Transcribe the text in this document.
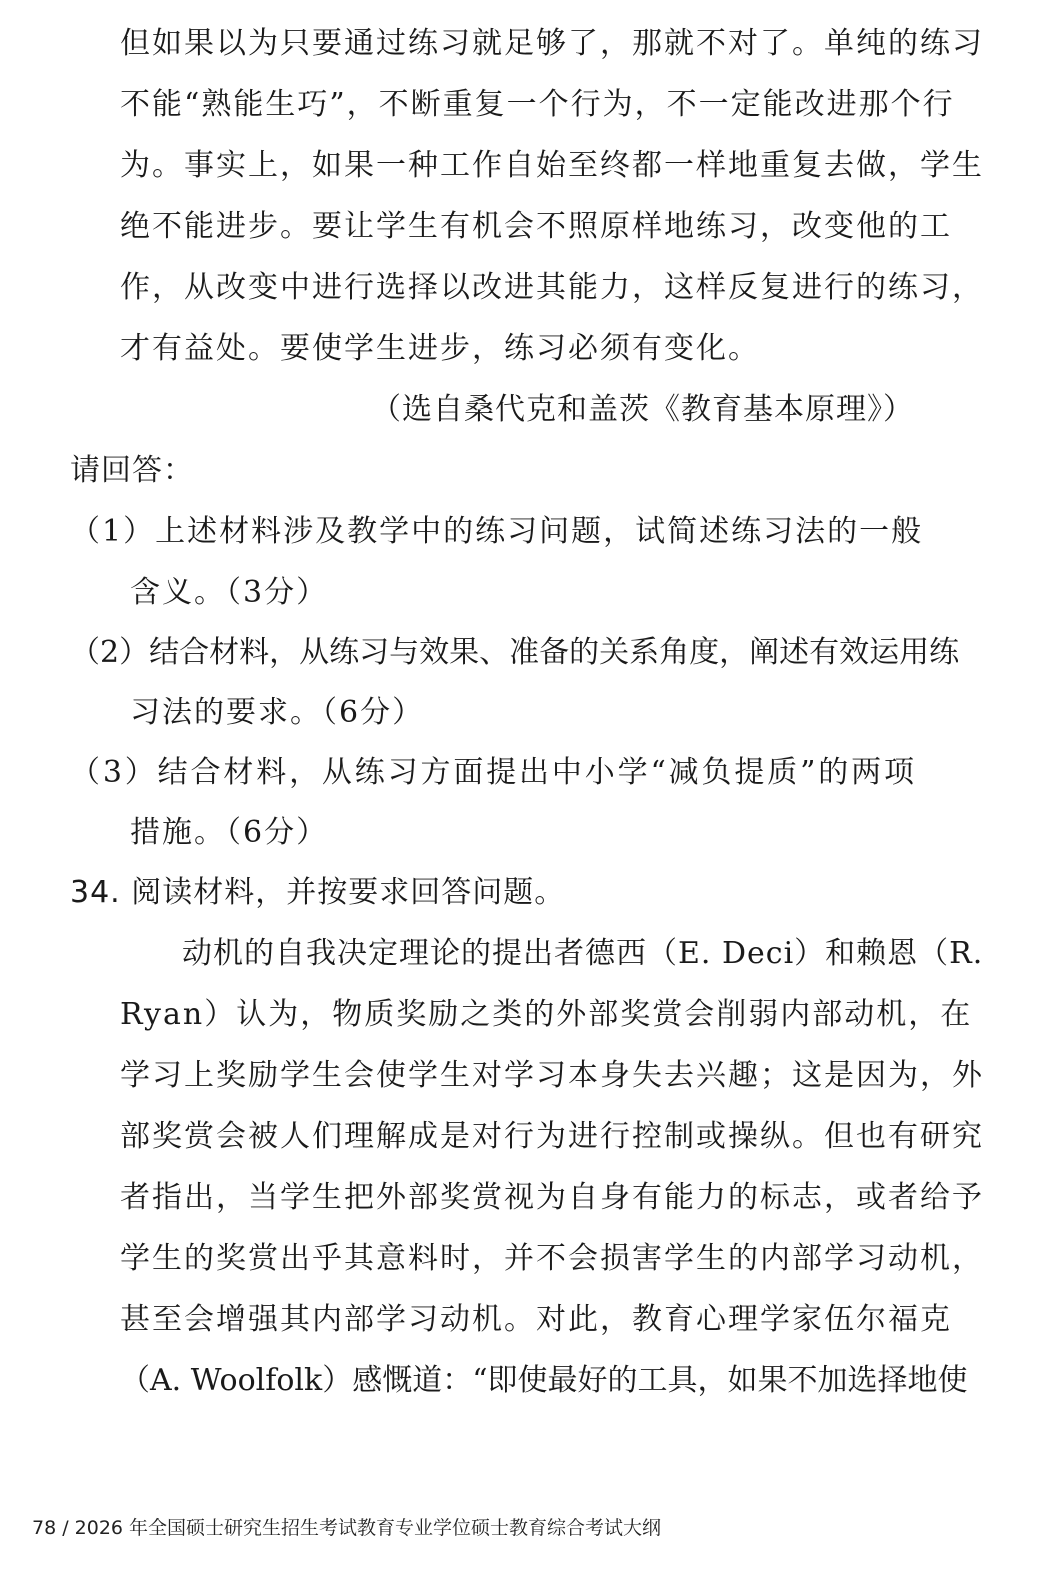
但如果以为只要通过练习就足够了，那就不对了。单纯的练习
不能“熟能生巧”，不断重复一个行为，不一定能改进那个行
为。事实上，如果一种工作自始至终都一样地重复去做，学生
绝不能进步。要让学生有机会不照原样地练习，改变他的工
作，从改变中进行选择以改进其能力，这样反复进行的练习，
才有益处。要使学生进步，练习必须有变化。
（选自桑代克和盖茨《教育基本原理》）
请回答：
（1）上述材料涉及教学中的练习问题，试简述练习法的一般
含义。（3分）
（2）结合材料，从练习与效果、准备的关系角度，阐述有效运用练
习法的要求。（6分）
（3）结合材料，从练习方面提出中小学“减负提质”的两项
措施。（6分）
34. 阅读材料，并按要求回答问题。
动机的自我决定理论的提出者德西（E. Deci）和赖恩（R.
Ryan）认为，物质奖励之类的外部奖赏会削弱内部动机，在
学习上奖励学生会使学生对学习本身失去兴趣；这是因为，外
部奖赏会被人们理解成是对行为进行控制或操纵。但也有研究
者指出，当学生把外部奖赏视为自身有能力的标志，或者给予
学生的奖赏出乎其意料时，并不会损害学生的内部学习动机，
甚至会增强其内部学习动机。对此，教育心理学家伍尔福克
（A. Woolfolk）感慨道：“即使最好的工具，如果不加选择地使
78 / 2026 年全国硕士研究生招生考试教育专业学位硕士教育综合考试大纲
